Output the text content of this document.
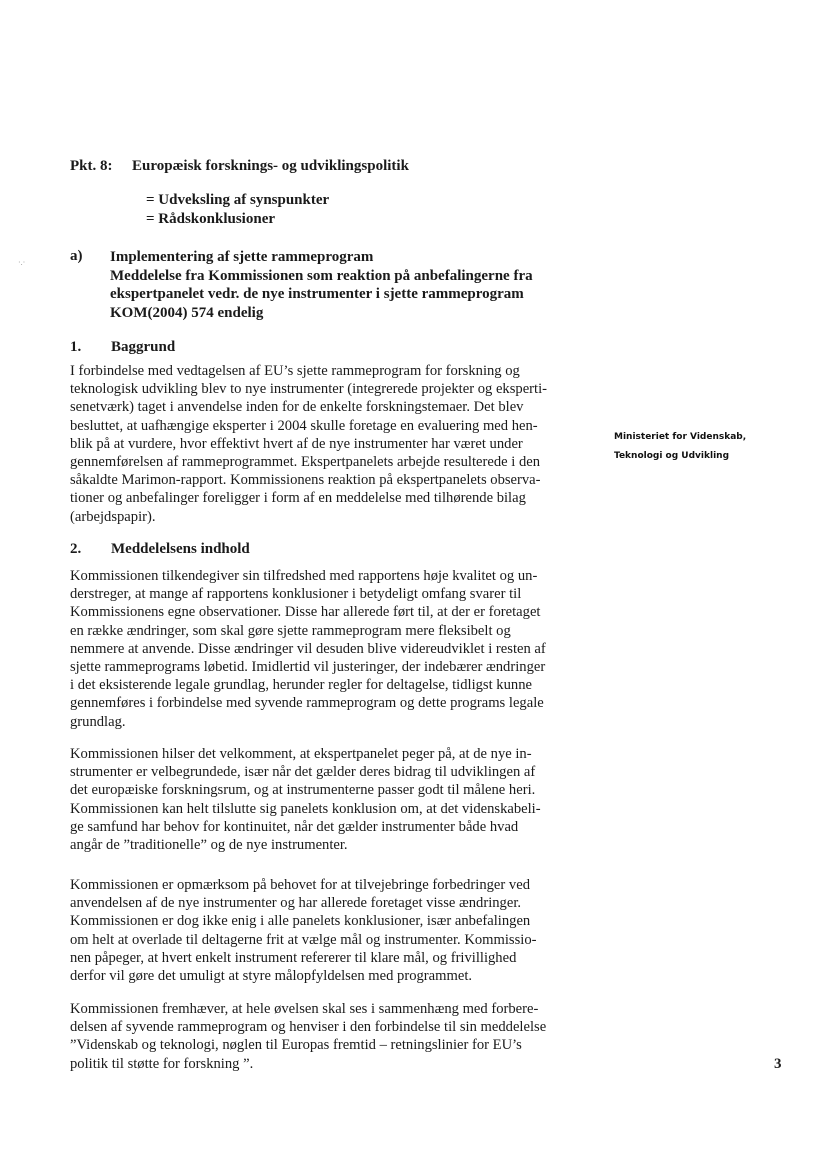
Pkt. 8: Europæisk forsknings- og udviklingspolitik
= Udveksling af synspunkter
= Rådskonklusioner
·.·	a) Implementering af sjette rammeprogram
Meddelelse fra Kommissionen som reaktion på anbefalingerne fra
ekspertpanelet vedr. de nye instrumenter i sjette rammeprogram
KOM(2004) 574 endelig
1. Baggrund

I forbindelse med vedtagelsen af EU’s sjette rammeprogram for forskning og

teknologisk udvikling blev to nye instrumenter (integrerede projekter og eksperti-

senetværk) taget i anvendelse inden for de enkelte forskningstemaer. Det blev

besluttet, at uafhængige eksperter i 2004 skulle foretage en evaluering med hen-

blik på at vurdere, hvor effektivt hvert af de nye instrumenter har været under

gennemførelsen af rammeprogrammet. Ekspertpanelets arbejde resulterede i den

såkaldte Marimon-rapport. Kommissionens reaktion på ekspertpanelets observa-

tioner og anbefalinger foreligger i form af en meddelelse med tilhørende bilag

(arbejdspapir).

Ministeriet for Videnskab,
Teknologi og Udvikling
2. Meddelelsens indhold

Kommissionen tilkendegiver sin tilfredshed med rapportens høje kvalitet og un-

derstreger, at mange af rapportens konklusioner i betydeligt omfang svarer til

Kommissionens egne observationer. Disse har allerede ført til, at der er foretaget

en række ændringer, som skal gøre sjette rammeprogram mere fleksibelt og

nemmere at anvende. Disse ændringer vil desuden blive videreudviklet i resten af

sjette rammeprograms løbetid. Imidlertid vil justeringer, der indebærer ændringer

i det eksisterende legale grundlag, herunder regler for deltagelse, tidligst kunne

gennemføres i forbindelse med syvende rammeprogram og dette programs legale

grundlag.

Kommissionen hilser det velkomment, at ekspertpanelet peger på, at de nye in-

strumenter er velbegrundede, især når det gælder deres bidrag til udviklingen af

det europæiske forskningsrum, og at instrumenterne passer godt til målene heri.

Kommissionen kan helt tilslutte sig panelets konklusion om, at det videnskabeli-

ge samfund har behov for kontinuitet, når det gælder instrumenter både hvad

angår de ”traditionelle” og de nye instrumenter.

Kommissionen er opmærksom på behovet for at tilvejebringe forbedringer ved

anvendelsen af de nye instrumenter og har allerede foretaget visse ændringer.

Kommissionen er dog ikke enig i alle panelets konklusioner, især anbefalingen

om helt at overlade til deltagerne frit at vælge mål og instrumenter. Kommissio-

nen påpeger, at hvert enkelt instrument refererer til klare mål, og frivillighed

derfor vil gøre det umuligt at styre målopfyldelsen med programmet.

Kommissionen fremhæver, at hele øvelsen skal ses i sammenhæng med forbere-

delsen af syvende rammeprogram og henviser i den forbindelse til sin meddelelse

”Videnskab og teknologi, nøglen til Europas fremtid – retningslinier for EU’s

politik til støtte for forskning ”.	3
